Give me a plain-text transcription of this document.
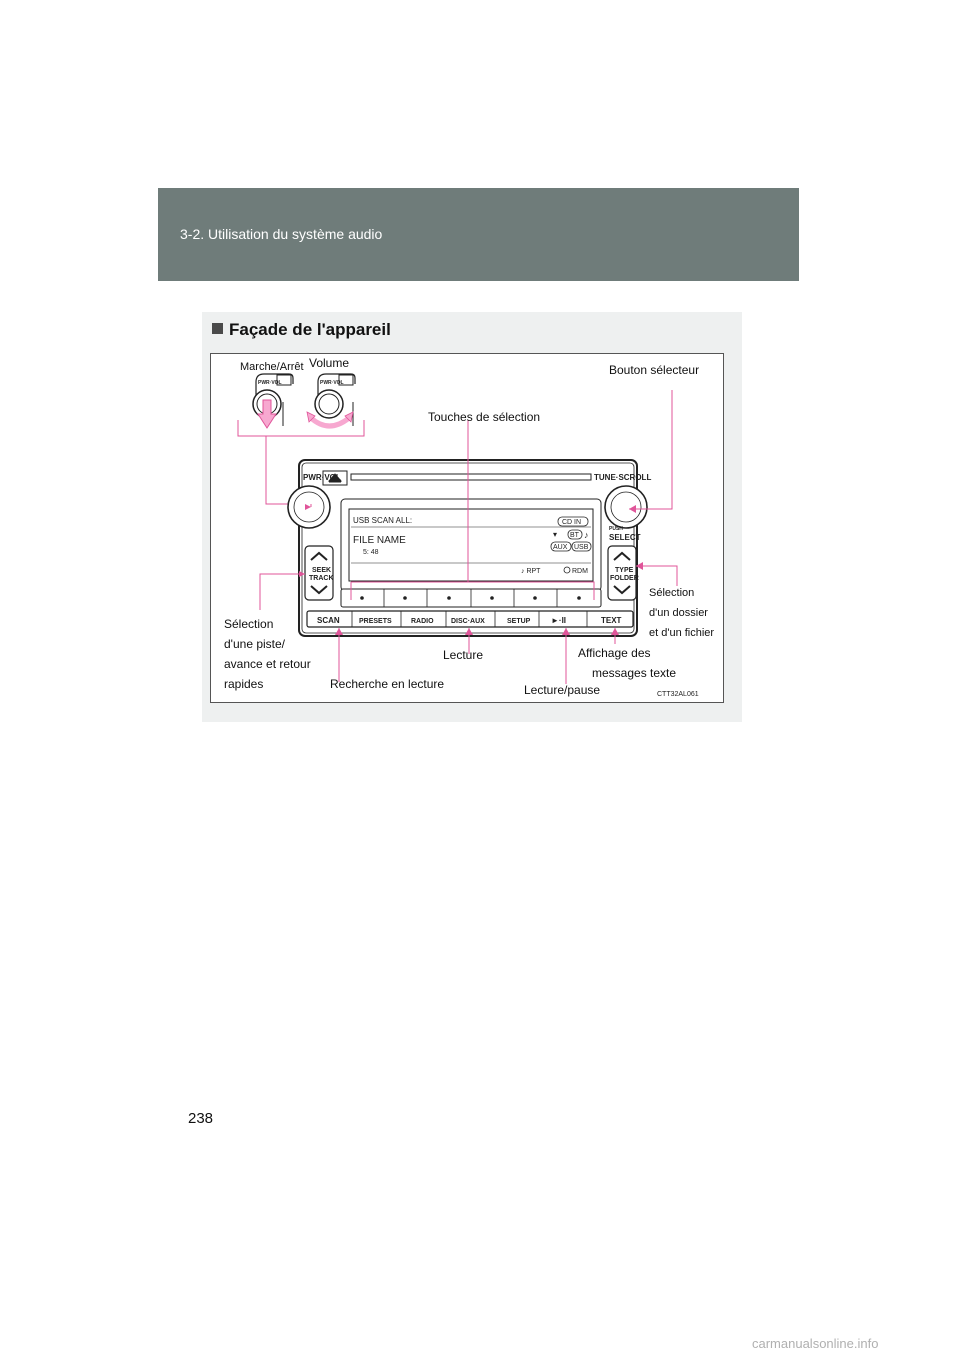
3-2. Utilisation du système audio
Façade de l'appareil
PWR·VOL	PWR·VOL
PWR·VOL	TUNE·SCROLL
USB SCAN ALL:
FILE NAME
5: 48
CD IN
▾ BT ♪
AUX USB
♪ RPT	RDM
SEEK
TRACK
PUSH
SELECT
TYPE
FOLDER
SCAN	PRESETS	RADIO DISC·AUX	SETUP	►·II	TEXT
Marche/Arrêt Volume	Bouton sélecteur
Touches de sélection
Sélection
d'une piste/
avance et retour
rapides
Sélection
d'un dossier
et d'un fichier
Lecture
Recherche en lecture	Lecture/pause
Affichage des
messages texte
CTT32AL061
238
carmanualsonline.info
